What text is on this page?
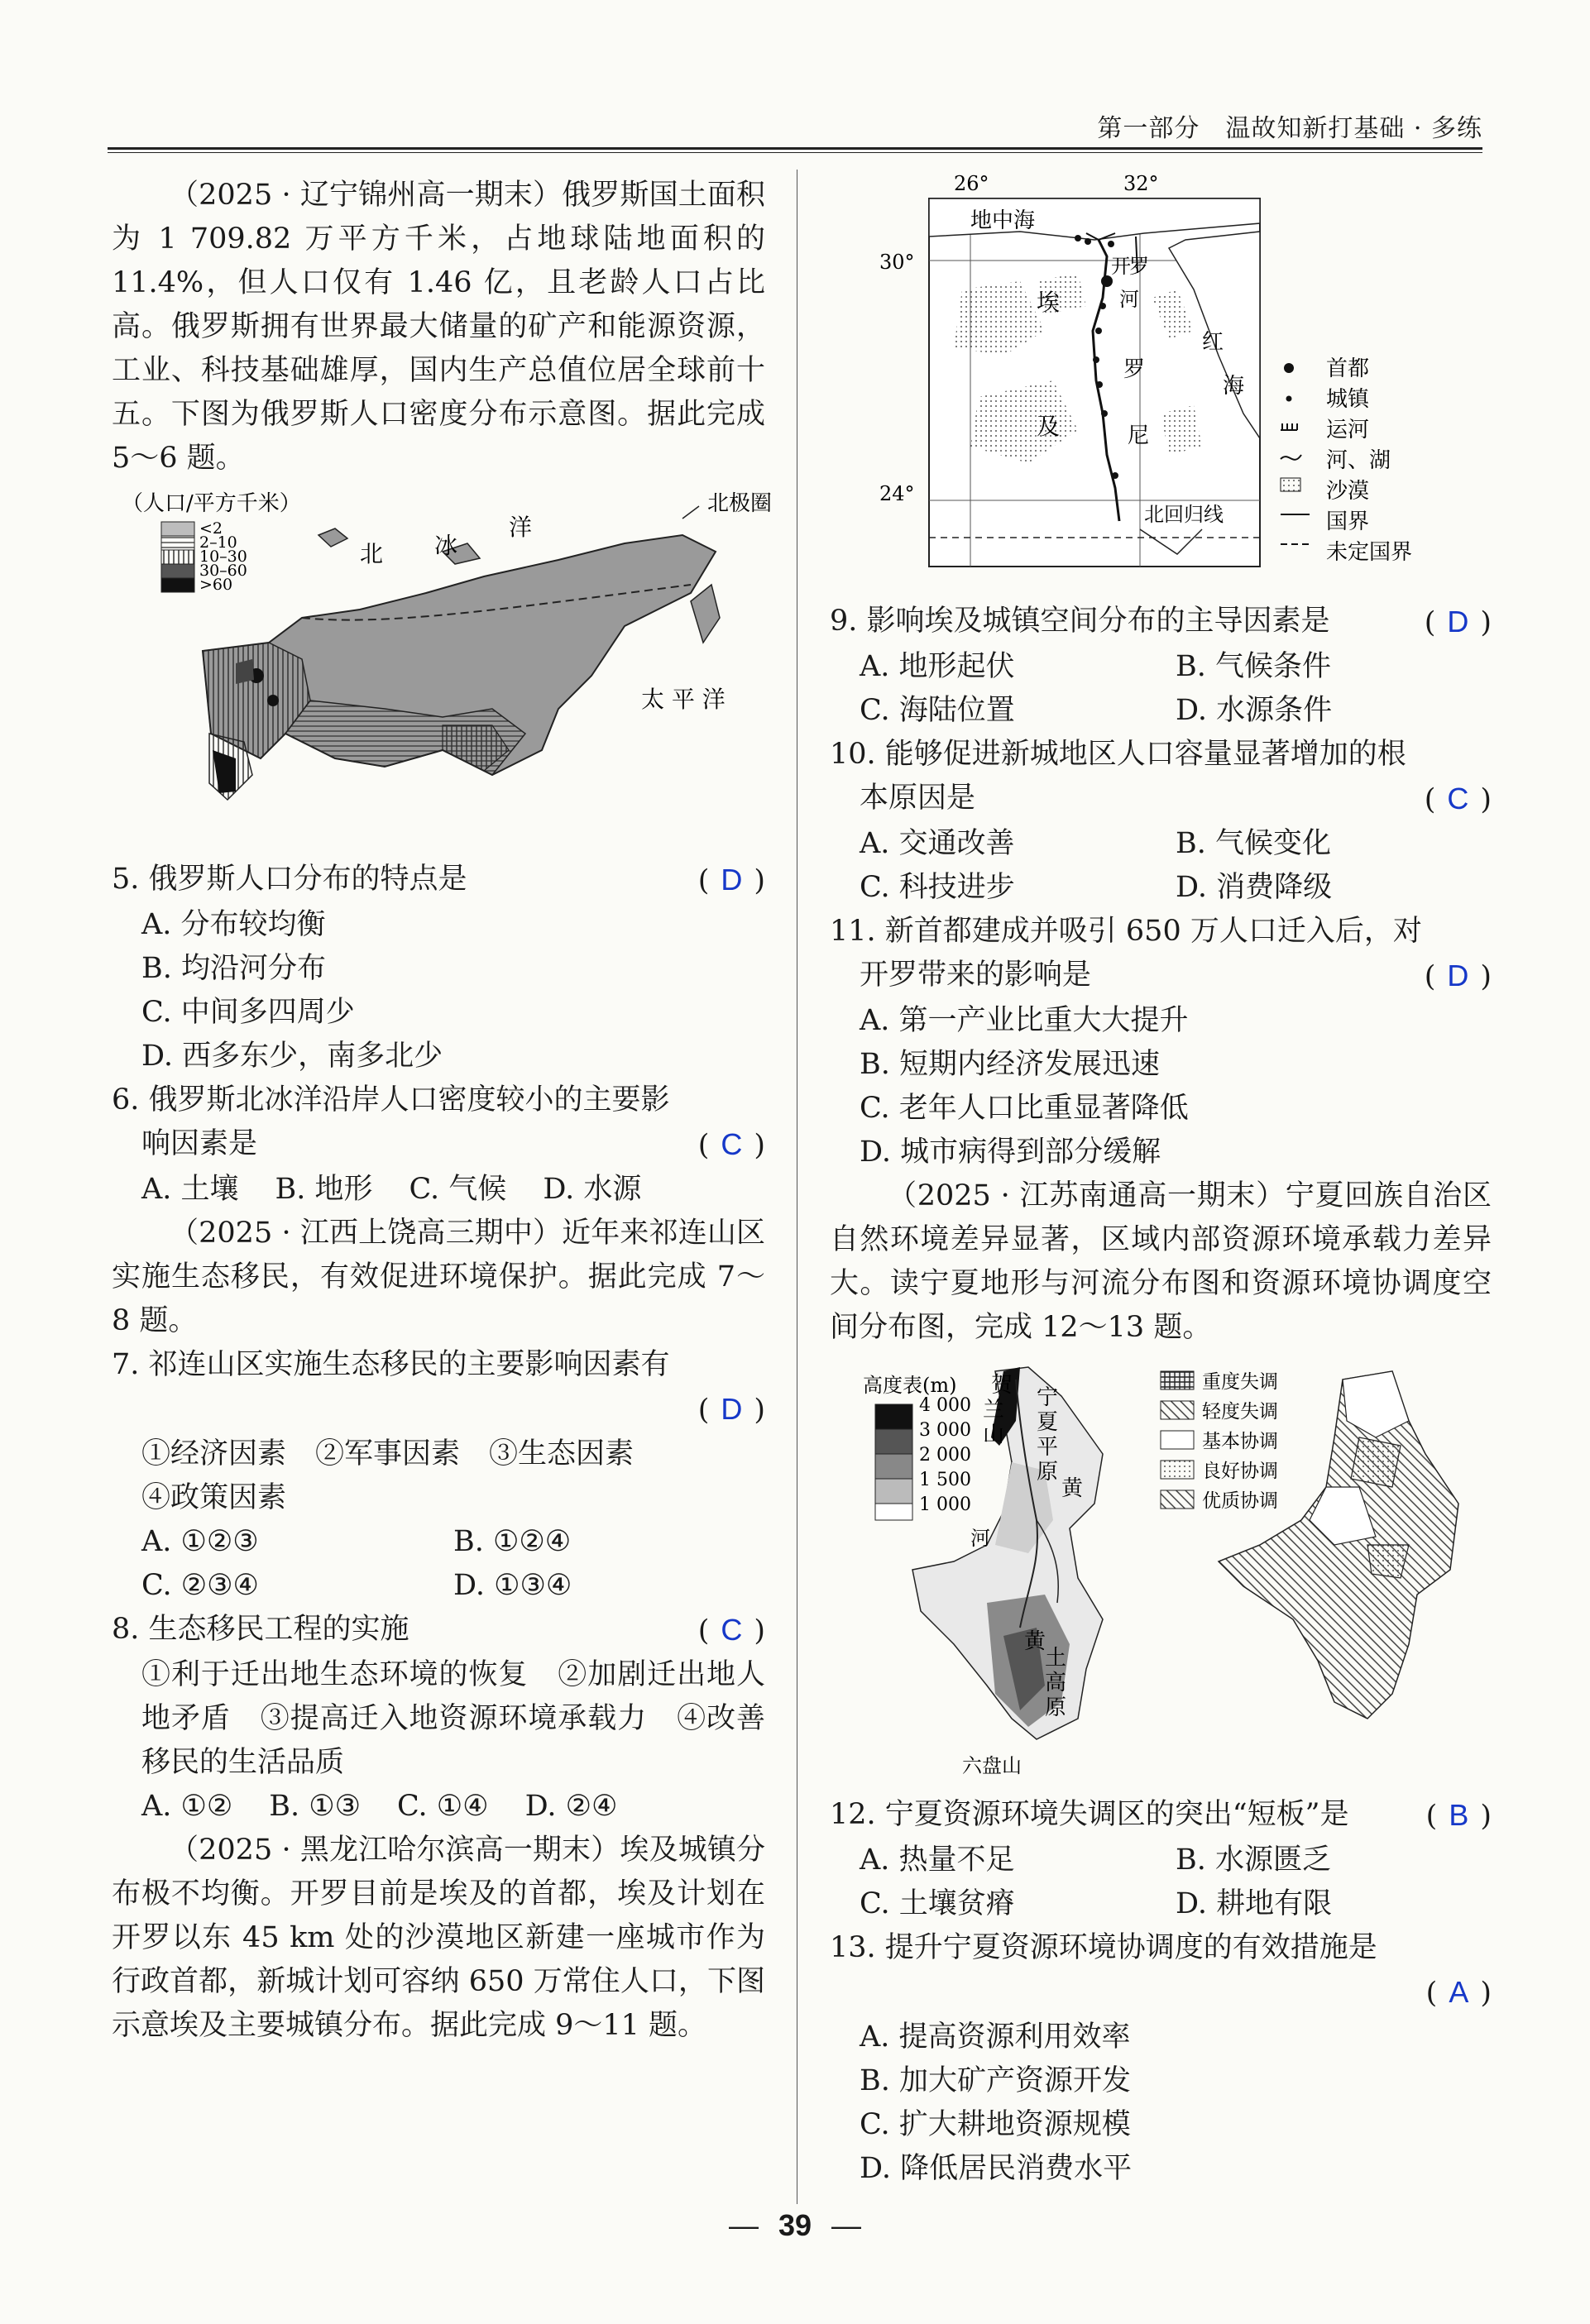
第一部分　温故知新打基础 · 多练

（2025 · 辽宁锦州高一期末）俄罗斯国土面积为 1 709.82 万平方千米，占地球陆地面积的 11.4%，但人口仅有 1.46 亿，且老龄人口占比高。俄罗斯拥有世界最大储量的矿产和能源资源，工业、科技基础雄厚，国内生产总值位居全球前十五。下图为俄罗斯人口密度分布示意图。据此完成 5～6 题。

（人口/平方千米）
<2
2–10
10–30
30–60
>60
北极圈
北 冰
洋
太 平 洋
5. 俄罗斯人口分布的特点是	( D )

A. 分布较均衡

B. 均沿河分布

C. 中间多四周少

D. 西多东少，南多北少

6. 俄罗斯北冰洋沿岸人口密度较小的主要影

响因素是	( C )
A. 土壤 B. 地形 C. 气候 D. 水源

（2025 · 江西上饶高三期中）近年来祁连山区实施生态移民，有效促进环境保护。据此完成 7～8 题。

7. 祁连山区实施生态移民的主要影响因素有

( D )

①经济因素　②军事因素　③生态因素

④政策因素

A. ①②③	B. ①②④
C. ②③④	D. ①③④
8. 生态移民工程的实施	( C )

①利于迁出地生态环境的恢复　②加剧迁出地人地矛盾　③提高迁入地资源环境承载力　④改善移民的生活品质

A. ①② B. ①③ C. ①④ D. ②④

（2025 · 黑龙江哈尔滨高一期末）埃及城镇分布极不均衡。开罗目前是埃及的首都，埃及计划在开罗以东 45 km 处的沙漠地区新建一座城市作为行政首都，新城计划可容纳 650 万常住人口，下图示意埃及主要城镇分布。据此完成 9～11 题。

26°	32°
30°
24°
地中海
埃
及
开
罗
河
罗
尼
红
海
北回归线
首都
城镇
运河
河、湖
沙漠
国界
未定国界
9. 影响埃及城镇空间分布的主导因素是	( D )
A. 地形起伏	B. 气候条件
C. 海陆位置	D. 水源条件

10. 能够促进新城地区人口容量显著增加的根

本原因是	( C )
A. 交通改善	B. 气候变化
C. 科技进步	D. 消费降级

11. 新首都建成并吸引 650 万人口迁入后，对

开罗带来的影响是	( D )

A. 第一产业比重大大提升

B. 短期内经济发展迅速

C. 老年人口比重显著降低

D. 城市病得到部分缓解

（2025 · 江苏南通高一期末）宁夏回族自治区自然环境差异显著，区域内部资源环境承载力差异大。读宁夏地形与河流分布图和资源环境协调度空间分布图，完成 12～13 题。

高度表(m)
4 000
3 000
2 000
1 500
1 000
贺
兰
山
宁
夏
平
原
黄
河
黄
土
高
原
六盘山
重度失调
轻度失调
基本协调
良好协调
优质协调
12. 宁夏资源环境失调区的突出“短板”是	( B )
A. 热量不足	B. 水源匮乏
C. 土壤贫瘠	D. 耕地有限

13. 提升宁夏资源环境协调度的有效措施是

( A )

A. 提高资源利用效率

B. 加大矿产资源开发

C. 扩大耕地资源规模

D. 降低居民消费水平

— 39 —
